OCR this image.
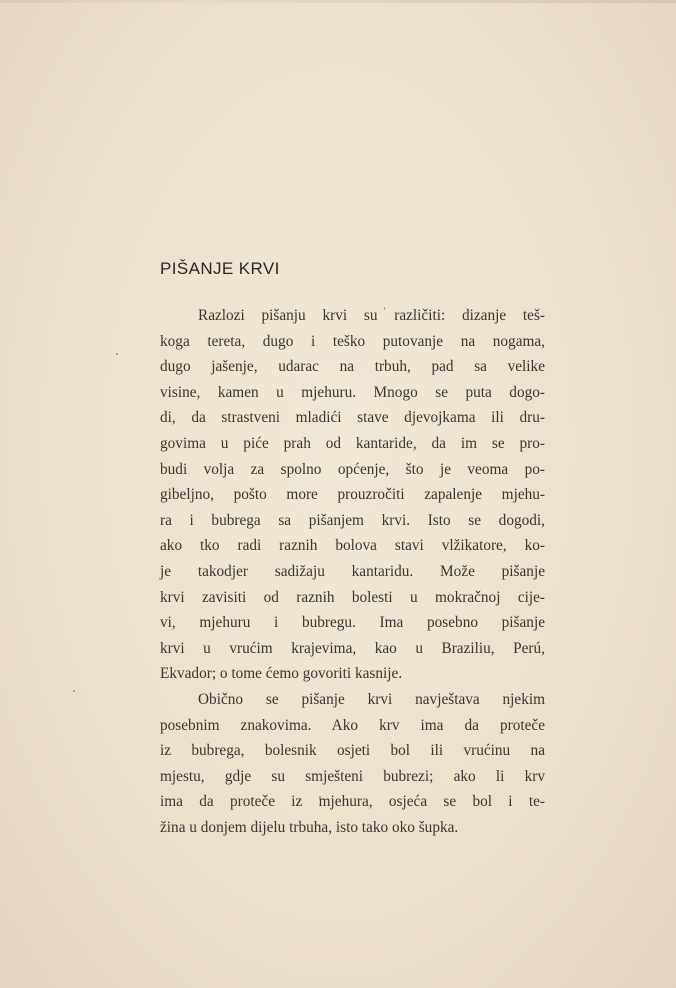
PIŠANJE KRVI
Razlozi pišanju krvi su različiti: dizanje teš-
koga tereta, dugo i teško putovanje na nogama,
dugo jašenje, udarac na trbuh, pad sa velike
visine, kamen u mjehuru. Mnogo se puta dogo-
di, da strastveni mladići stave djevojkama ili dru-
govima u piće prah od kantaride, da im se pro-
budi volja za spolno općenje, što je veoma po-
gibeljno, pošto more prouzročiti zapalenje mjehu-
ra i bubrega sa pišanjem krvi. Isto se dogodi,
ako tko radi raznih bolova stavi vlžikatore, ko-
je takodjer sadižaju kantaridu. Može pišanje
krvi zavisiti od raznih bolesti u mokračnoj cije-
vi, mjehuru i bubregu. Ima posebno pišanje
krvi u vrućim krajevima, kao u Braziliu, Perú,
Ekvador; o tome ćemo govoriti kasnije.
Obično se pišanje krvi navještava njekim
posebnim znakovima. Ako krv ima da proteče
iz bubrega, bolesnik osjeti bol ili vrućinu na
mjestu, gdje su smješteni bubrezi; ako li krv
ima da proteče iz mjehura, osjeća se bol i te-
žina u donjem dijelu trbuha, isto tako oko šupka.
